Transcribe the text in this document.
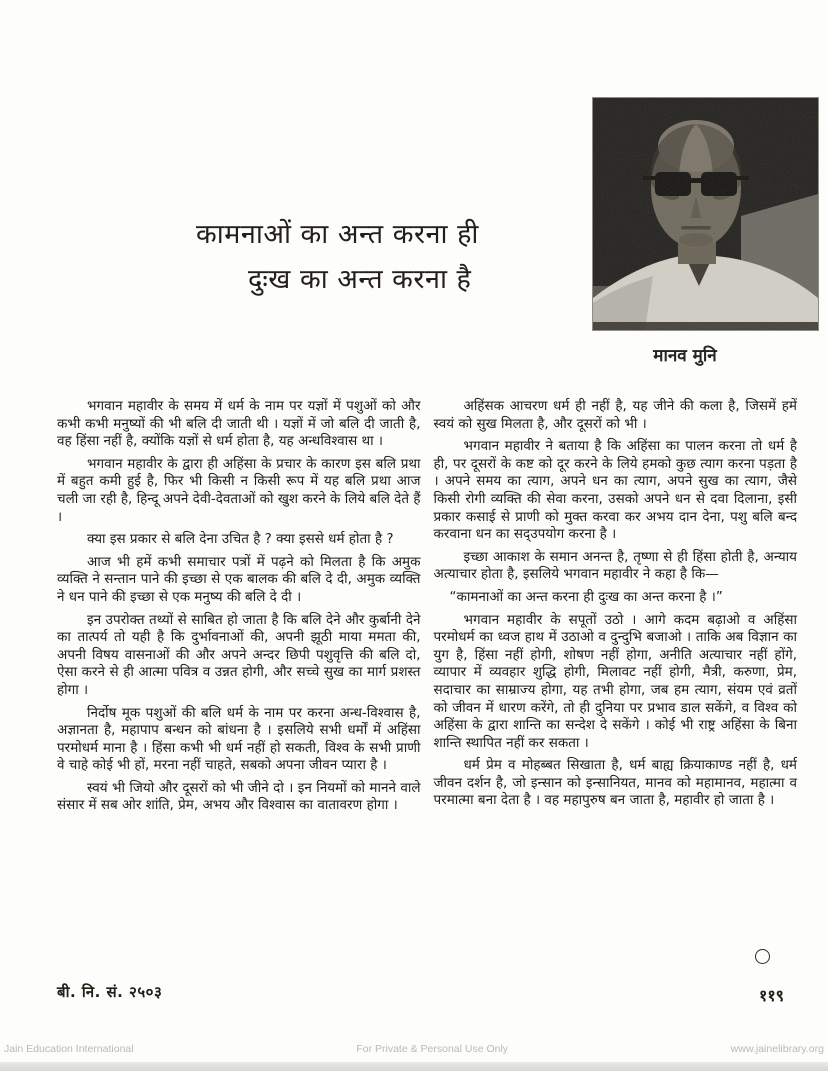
कामनाओं का अन्त करना ही
दुःख का अन्त करना है
मानव मुनि

भगवान महावीर के समय में धर्म के नाम पर यज्ञों में पशुओं को और कभी कभी मनुष्यों की भी बलि दी जाती थी । यज्ञों में जो बलि दी जाती है, वह हिंसा नहीं है, क्योंकि यज्ञों से धर्म होता है, यह अन्धविश्वास था ।

भगवान महावीर के द्वारा ही अहिंसा के प्रचार के कारण इस बलि प्रथा में बहुत कमी हुई है, फिर भी किसी न किसी रूप में यह बलि प्रथा आज चली जा रही है, हिन्दू अपने देवी-देवताओं को खुश करने के लिये बलि देते हैं ।

क्या इस प्रकार से बलि देना उचित है ? क्या इससे धर्म होता है ?

आज भी हमें कभी समाचार पत्रों में पढ़ने को मिलता है कि अमुक व्यक्ति ने सन्तान पाने की इच्छा से एक बालक की बलि दे दी, अमुक व्यक्ति ने धन पाने की इच्छा से एक मनुष्य की बलि दे दी ।

इन उपरोक्त तथ्यों से साबित हो जाता है कि बलि देने और कुर्बानी देने का तात्पर्य तो यही है कि दुर्भावनाओं की, अपनी झूठी माया ममता की, अपनी विषय वासनाओं की और अपने अन्दर छिपी पशुवृत्ति की बलि दो, ऐसा करने से ही आत्मा पवित्र व उन्नत होगी, और सच्चे सुख का मार्ग प्रशस्त होगा ।

निर्दोष मूक पशुओं की बलि धर्म के नाम पर करना अन्ध-विश्वास है, अज्ञानता है, महापाप बन्धन को बांधना है । इसलिये सभी धर्मों में अहिंसा परमोधर्म माना है । हिंसा कभी भी धर्म नहीं हो सकती, विश्व के सभी प्राणी वे चाहे कोई भी हों, मरना नहीं चाहते, सबको अपना जीवन प्यारा है ।

स्वयं भी जियो और दूसरों को भी जीने दो । इन नियमों को मानने वाले संसार में सब ओर शांति, प्रेम, अभय और विश्वास का वातावरण होगा ।

अहिंसक आचरण धर्म ही नहीं है, यह जीने की कला है, जिसमें हमें स्वयं को सुख मिलता है, और दूसरों को भी ।

भगवान महावीर ने बताया है कि अहिंसा का पालन करना तो धर्म है ही, पर दूसरों के कष्ट को दूर करने के लिये हमको कुछ त्याग करना पड़ता है । अपने समय का त्याग, अपने धन का त्याग, अपने सुख का त्याग, जैसे किसी रोगी व्यक्ति की सेवा करना, उसको अपने धन से दवा दिलाना, इसी प्रकार कसाई से प्राणी को मुक्त करवा कर अभय दान देना, पशु बलि बन्द करवाना धन का सद्उपयोग करना है ।

इच्छा आकाश के समान अनन्त है, तृष्णा से ही हिंसा होती है, अन्याय अत्याचार होता है, इसलिये भगवान महावीर ने कहा है कि—

“कामनाओं का अन्त करना ही दुःख का अन्त करना है ।”

भगवान महावीर के सपूतों उठो । आगे कदम बढ़ाओ व अहिंसा परमोधर्म का ध्वज हाथ में उठाओ व दुन्दुभि बजाओ । ताकि अब विज्ञान का युग है, हिंसा नहीं होगी, शोषण नहीं होगा, अनीति अत्याचार नहीं होंगे, व्यापार में व्यवहार शुद्धि होगी, मिलावट नहीं होगी, मैत्री, करुणा, प्रेम, सदाचार का साम्राज्य होगा, यह तभी होगा, जब हम त्याग, संयम एवं व्रतों को जीवन में धारण करेंगे, तो ही दुनिया पर प्रभाव डाल सकेंगे, व विश्व को अहिंसा के द्वारा शान्ति का सन्देश दे सकेंगे । कोई भी राष्ट्र अहिंसा के बिना शान्ति स्थापित नहीं कर सकता ।

धर्म प्रेम व मोहब्बत सिखाता है, धर्म बाह्य क्रियाकाण्ड नहीं है, धर्म जीवन दर्शन है, जो इन्सान को इन्सानियत, मानव को महामानव, महात्मा व परमात्मा बना देता है । वह महापुरुष बन जाता है, महावीर हो जाता है ।

बी. नि. सं. २५०३	११९
Jain Education International	For Private & Personal Use Only	www.jainelibrary.org
